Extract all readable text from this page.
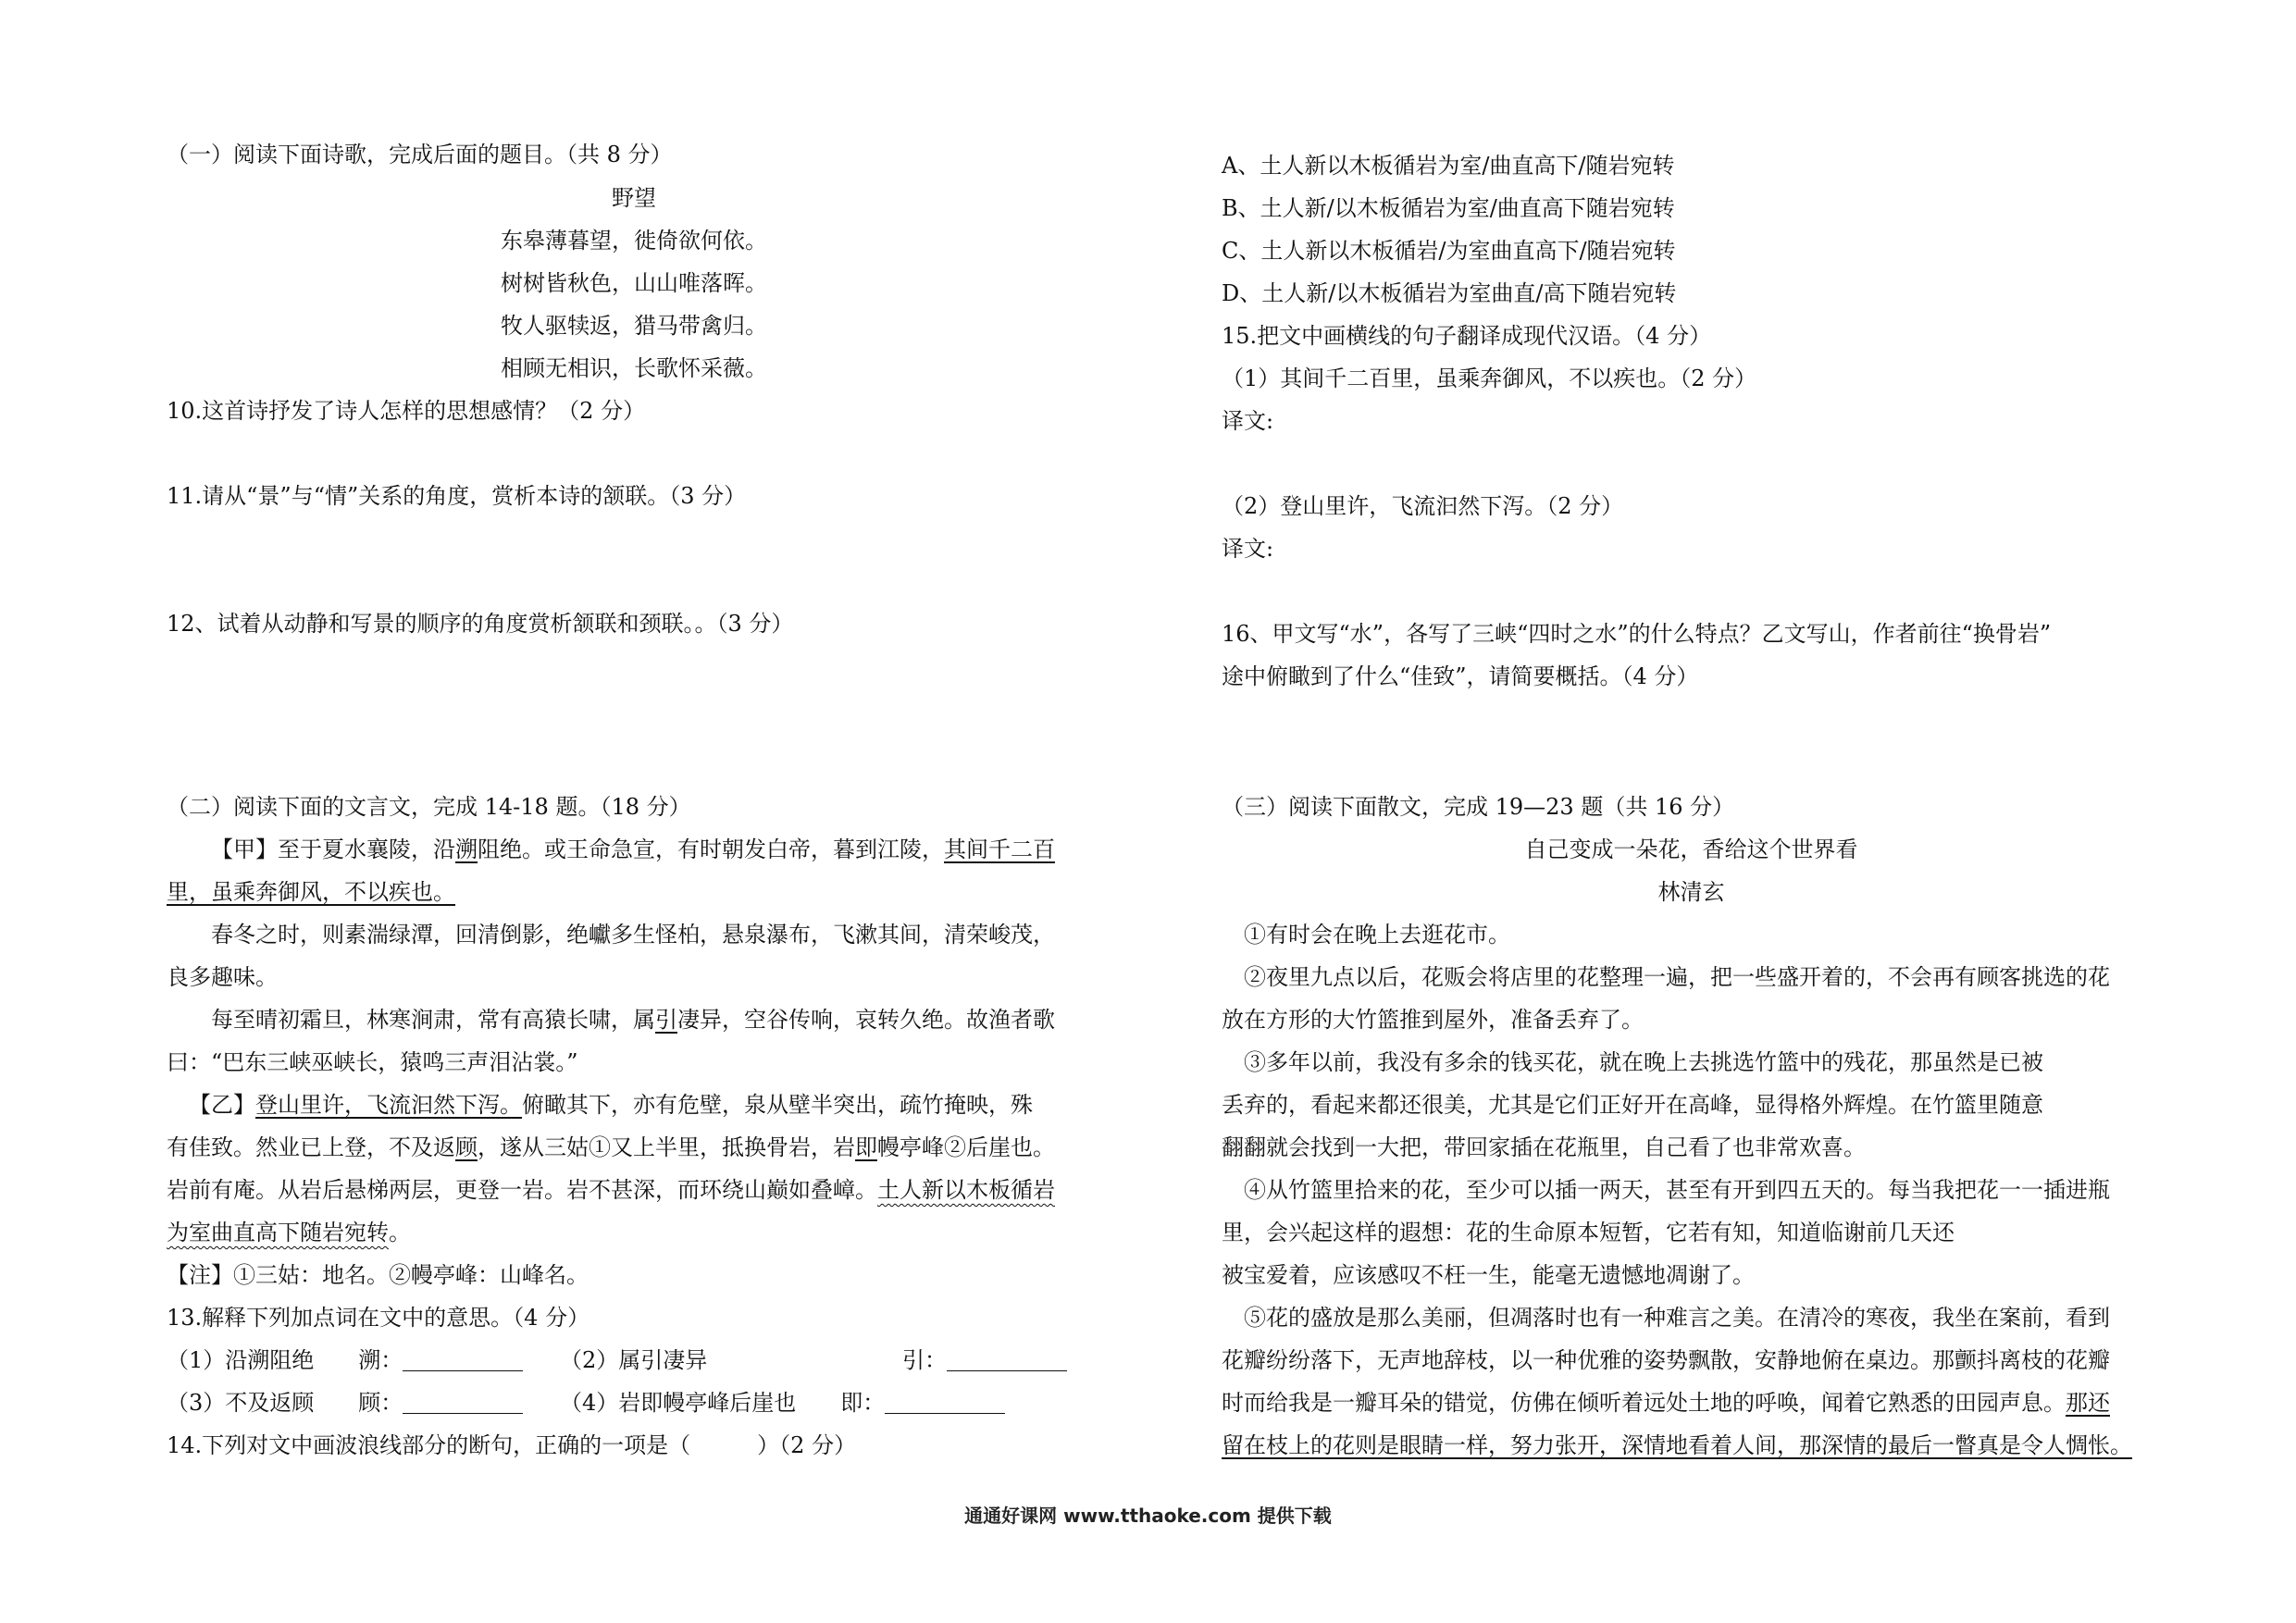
（一）阅读下面诗歌，完成后面的题目。（共 8 分）
野望
东皋薄暮望，徙倚欲何依。
树树皆秋色，山山唯落晖。
牧人驱犊返，猎马带禽归。
相顾无相识，长歌怀采薇。
10.这首诗抒发了诗人怎样的思想感情？（2 分）
11.请从“景”与“情”关系的角度，赏析本诗的颔联。（3 分）
12、试着从动静和写景的顺序的角度赏析颔联和颈联。。（3 分）
（二）阅读下面的文言文，完成 14-18 题。（18 分）
【甲】至于夏水襄陵，沿溯阻绝。或王命急宣，有时朝发白帝，暮到江陵，其间千二百
里，虽乘奔御风，不以疾也。
春冬之时，则素湍绿潭，回清倒影，绝巘多生怪柏，悬泉瀑布，飞漱其间，清荣峻茂，
良多趣味。
每至晴初霜旦，林寒涧肃，常有高猿长啸，属引凄异，空谷传响，哀转久绝。故渔者歌
曰：“巴东三峡巫峡长，猿鸣三声泪沾裳。”
【乙】登山里许，飞流汩然下泻。俯瞰其下，亦有危壁，泉从壁半突出，疏竹掩映，殊
有佳致。然业已上登，不及返顾，遂从三姑①又上半里，抵换骨岩，岩即幔亭峰②后崖也。
岩前有庵。从岩后悬梯两层，更登一岩。岩不甚深，而环绕山巅如叠嶂。土人新以木板循岩
为室曲直高下随岩宛转。
【注】①三姑：地名。②幔亭峰：山峰名。
13.解释下列加点词在文中的意思。（4 分）
（1）沿溯阻绝　　溯：	（2）属引凄异	引：
（3）不及返顾　　顾：	（4）岩即幔亭峰后崖也　　即：
14.下列对文中画波浪线部分的断句，正确的一项是（　　　）（2 分）
A、土人新以木板循岩为室/曲直高下/随岩宛转
B、土人新/以木板循岩为室/曲直高下随岩宛转
C、土人新以木板循岩/为室曲直高下/随岩宛转
D、土人新/以木板循岩为室曲直/高下随岩宛转
15.把文中画横线的句子翻译成现代汉语。（4 分）
（1）其间千二百里，虽乘奔御风，不以疾也。（2 分）
译文:
（2）登山里许，飞流汩然下泻。（2 分）
译文:
16、甲文写“水”，各写了三峡“四时之水”的什么特点？乙文写山，作者前往“换骨岩”
途中俯瞰到了什么“佳致”，请简要概括。（4 分）
（三）阅读下面散文，完成 19—23 题（共 16 分）
自己变成一朵花，香给这个世界看
林清玄
①有时会在晚上去逛花市。
②夜里九点以后，花贩会将店里的花整理一遍，把一些盛开着的，不会再有顾客挑选的花
放在方形的大竹篮推到屋外，准备丢弃了。
③多年以前，我没有多余的钱买花，就在晚上去挑选竹篮中的残花，那虽然是已被
丢弃的，看起来都还很美，尤其是它们正好开在高峰，显得格外辉煌。在竹篮里随意
翻翻就会找到一大把，带回家插在花瓶里，自己看了也非常欢喜。
④从竹篮里拾来的花，至少可以插一两天，甚至有开到四五天的。每当我把花一一插进瓶
里，会兴起这样的遐想：花的生命原本短暂，它若有知，知道临谢前几天还
被宝爱着，应该感叹不枉一生，能毫无遗憾地凋谢了。
⑤花的盛放是那么美丽，但凋落时也有一种难言之美。在清冷的寒夜，我坐在案前，看到
花瓣纷纷落下，无声地辞枝，以一种优雅的姿势飘散，安静地俯在桌边。那颤抖离枝的花瓣
时而给我是一瓣耳朵的错觉，仿佛在倾听着远处土地的呼唤，闻着它熟悉的田园声息。那还
留在枝上的花则是眼睛一样，努力张开，深情地看着人间，那深情的最后一瞥真是令人惆怅。
通通好课网 www.tthaoke.com 提供下载
